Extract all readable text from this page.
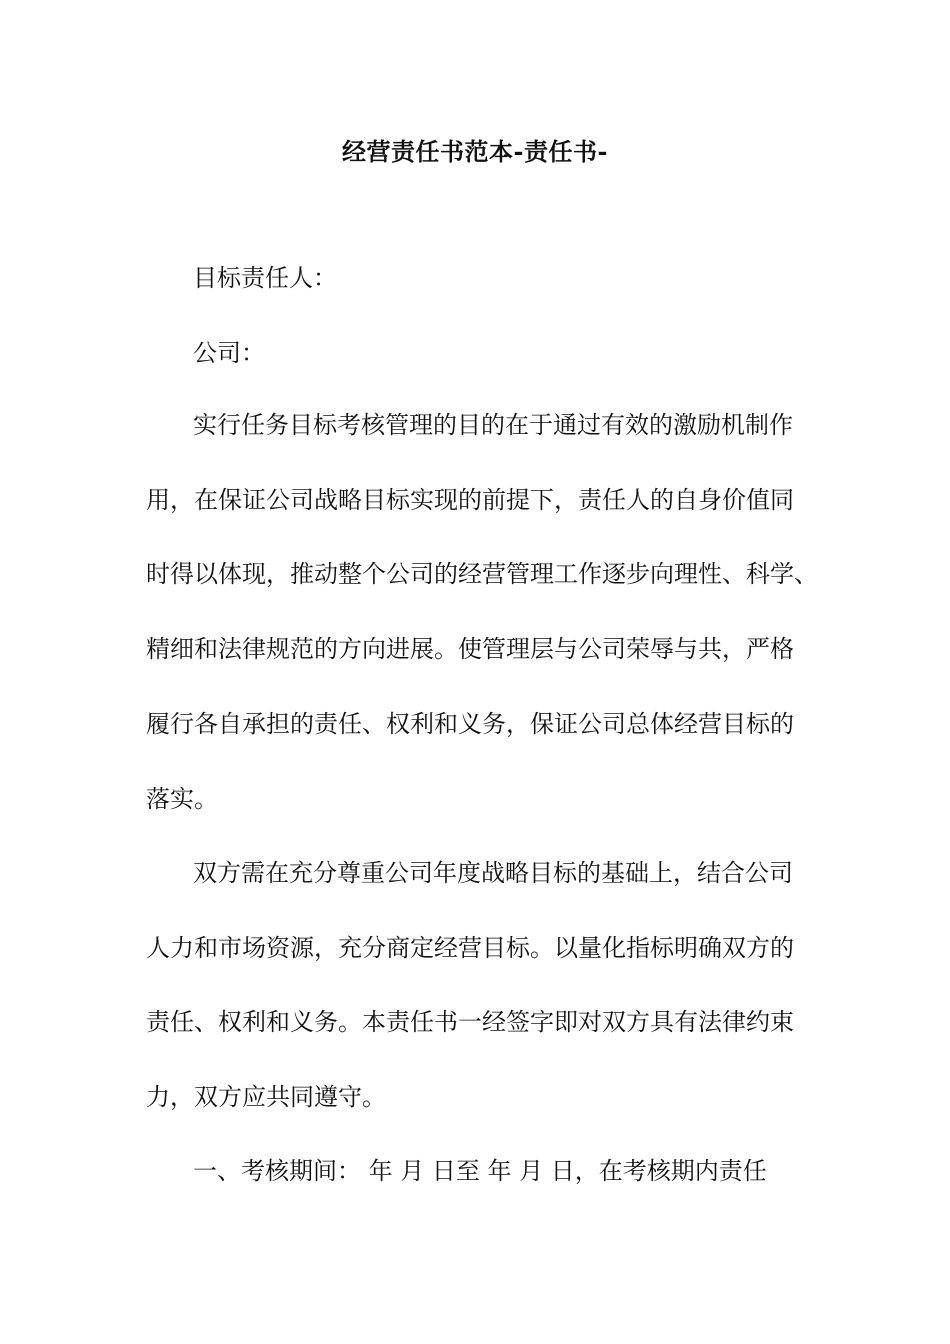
经营责任书范本-责任书-
目标责任人：
公司：
实行任务目标考核管理的目的在于通过有效的激励机制作
用，在保证公司战略目标实现的前提下，责任人的自身价值同
时得以体现，推动整个公司的经营管理工作逐步向理性、科学、
精细和法律规范的方向进展。使管理层与公司荣辱与共，严格
履行各自承担的责任、权利和义务，保证公司总体经营目标的
落实。
双方需在充分尊重公司年度战略目标的基础上，结合公司
人力和市场资源，充分商定经营目标。以量化指标明确双方的
责任、权利和义务。本责任书一经签字即对双方具有法律约束
力，双方应共同遵守。
一、考核期间： 年 月 日至 年 月 日，在考核期内责任
